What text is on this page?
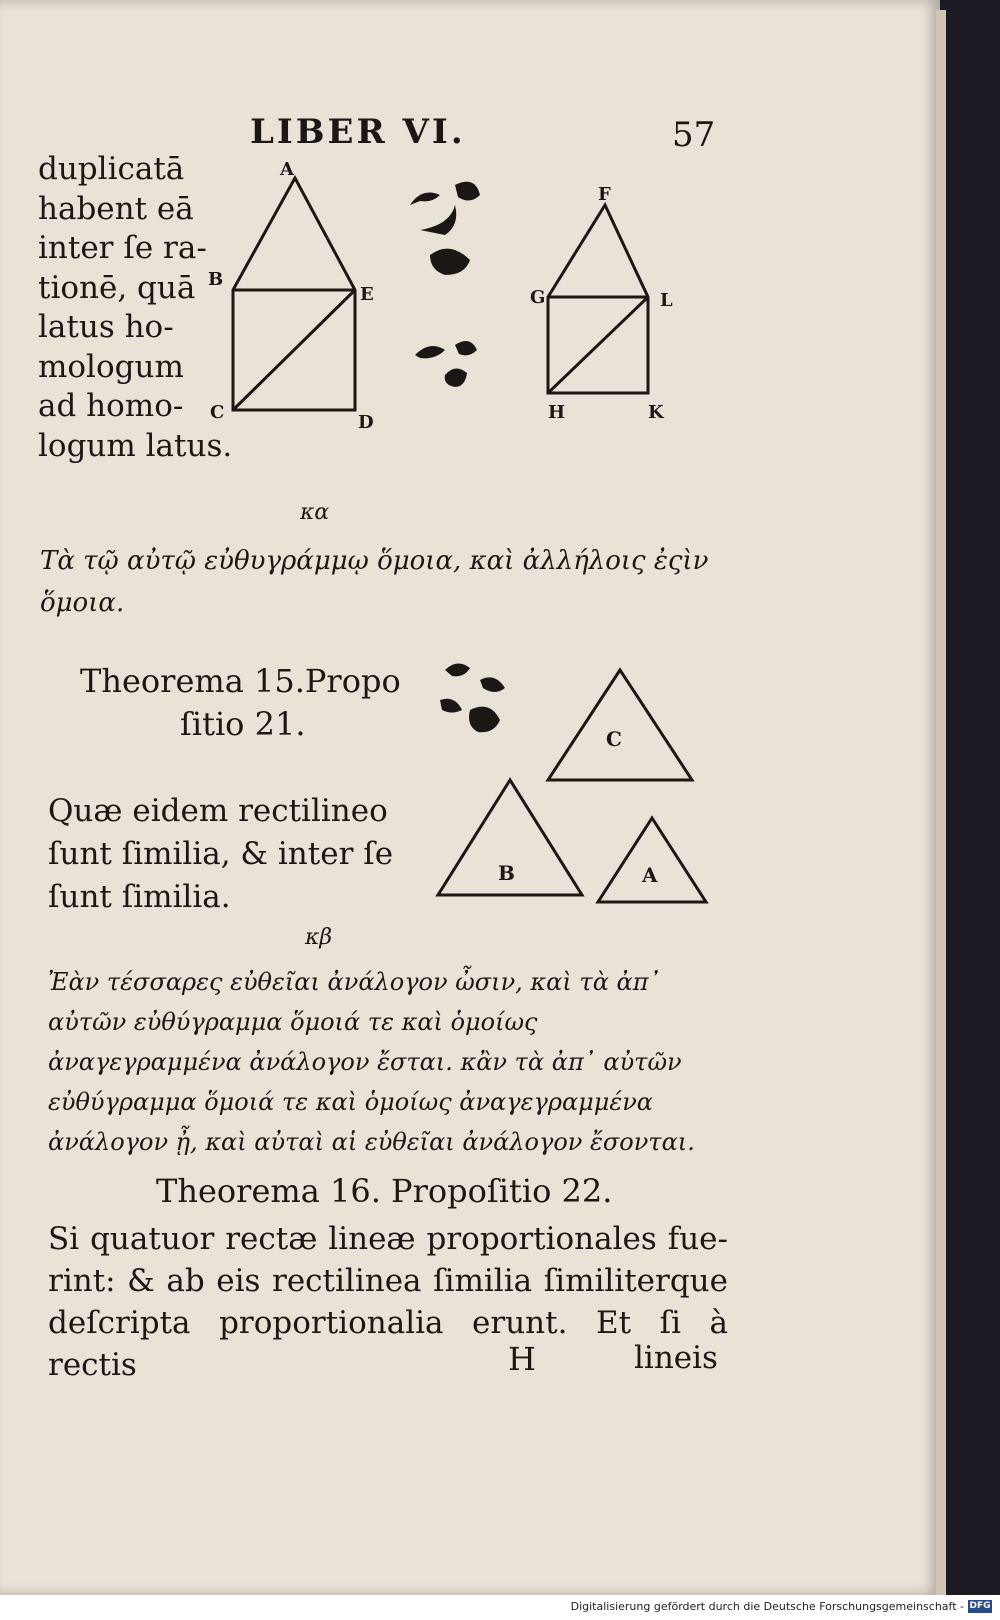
LIBER VI.	57
duplicatā
habent eā
inter ſe ra-
tionē, quā
latus ho-
mologum
ad homo-
logum latus.
A
B
E
C	D
F
G	L
H	K
κα
Τὰ τῷ αὐτῷ εὐθυγράμμῳ ὅμοια, καὶ ἀλλήλοις ἐςὶν ὅμοια.
Theorema 15.Propo
ſitio 21.
Quæ eidem rectilineo ſunt ſimilia, & inter ſe ſunt ſimilia.
C
B	A
κβ
Ἐὰν τέσσαρες εὐθεῖαι ἀνάλογον ὦσιν, καὶ τὰ ἀπ᾽ αὐτῶν εὐθύγραμμα ὅμοιά τε καὶ ὁμοίως ἀναγεγραμμένα ἀνάλογον ἔσται. κἂν τὰ ἀπ᾽ αὐτῶν εὐθύγραμμα ὅμοιά τε καὶ ὁμοίως ἀναγεγραμμένα ἀνάλογον ᾖ, καὶ αὐταὶ αἱ εὐθεῖαι ἀνάλογον ἔσονται.
Theorema 16. Propoſitio 22.
Si quatuor rectæ lineæ proportionales fue-rint: & ab eis rectilinea ſimilia ſimiliterque deſcripta proportionalia erunt. Et ſi à rectis	H	lineis
Digitalisierung gefördert durch die Deutsche Forschungsgemeinschaft - DFG
